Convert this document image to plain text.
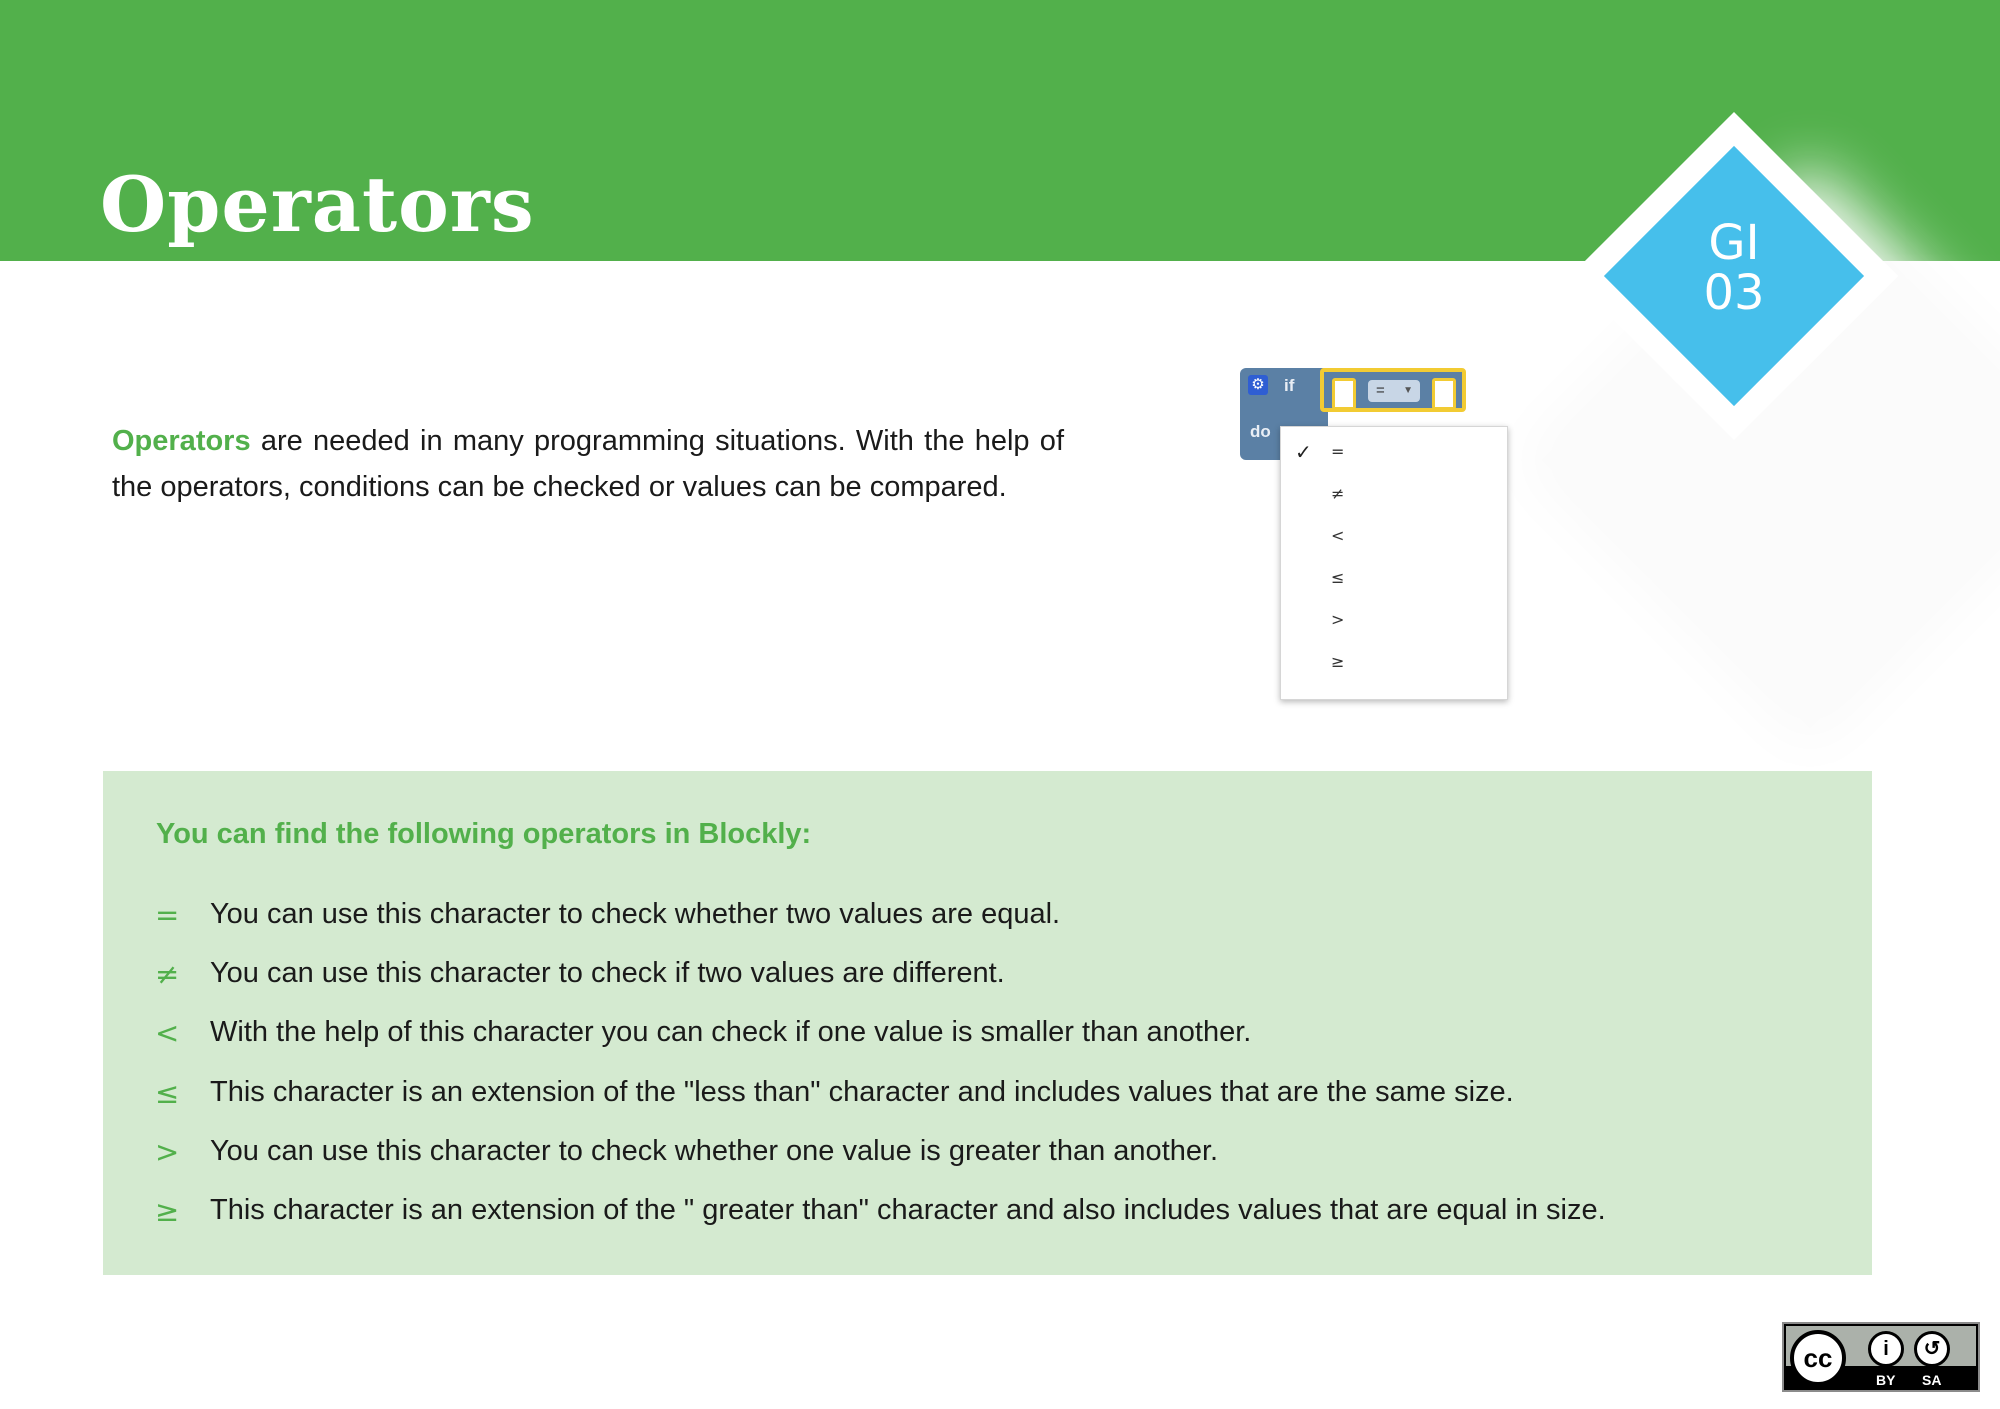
Operators	GI
03
Operators are needed in many programming situations. With the help of the operators, conditions can be checked or values can be compared.
⚙ if
do
= ▼
✓ =
≠
<
≤
>
≥
You can find the following operators in Blockly:
= You can use this character to check whether two values are equal.
≠ You can use this character to check if two values are different.
< With the help of this character you can check if one value is smaller than another.
≤ This character is an extension of the "less than" character and includes values that are the same size.
> You can use this character to check whether one value is greater than another.
≥ This character is an extension of the " greater than" character and also includes values that are equal in size.
cc	i	↺
BY SA
